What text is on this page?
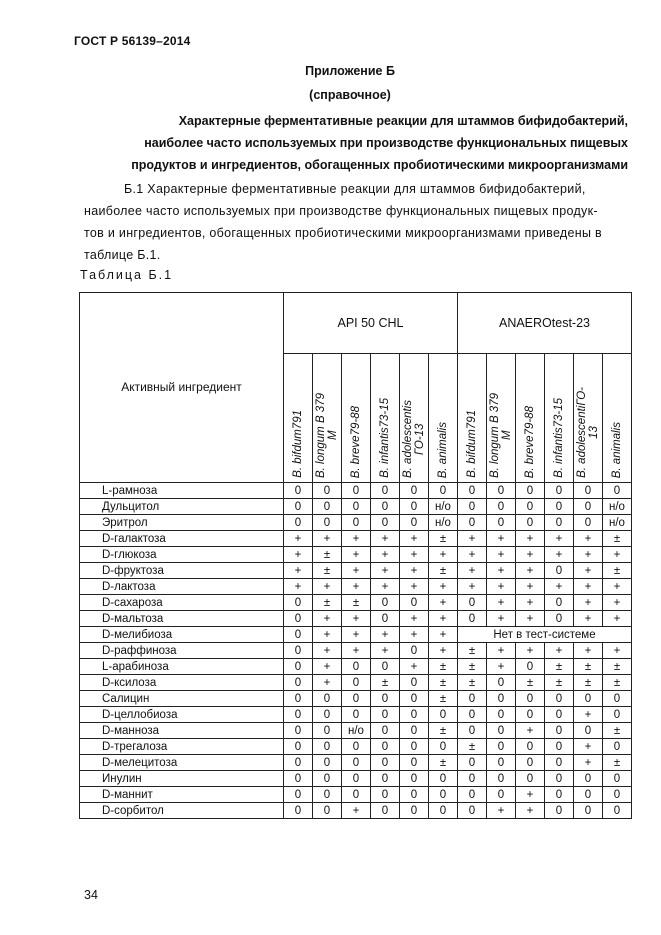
ГОСТ Р 56139–2014
Приложение Б
(справочное)
Характерные ферментативные реакции для штаммов бифидобактерий,
наиболее часто используемых при производстве функциональных пищевых
продуктов и ингредиентов, обогащенных пробиотическими микроорганизмами
Б.1 Характерные ферментативные реакции для штаммов бифидобактерий,
наиболее часто используемых при производстве функциональных пищевых продук-
тов и ингредиентов, обогащенных пробиотическими микроорганизмами приведены в
таблице Б.1.
Таблица Б.1
Активный ингредиент	API 50 CHL						ANAEROtest-23					

	B. bifdum791	B. longum B 379 M	B. breve79-88	B. infantis73-15	B. adolescentis ГО-13	B. animalis	B. bifdum791	B. longum B 379 M	B. breve79-88	B. infantis73-15	B. adolescentiГО- 13	B. animalis

L-рамноза	0	0	0	0	0	0	0	0	0	0	0	0
Дульцитол	0	0	0	0	0	н/о	0	0	0	0	0	н/о
Эритрол	0	0	0	0	0	н/о	0	0	0	0	0	н/о
D-галактоза	+	+	+	+	+	±	+	+	+	+	+	±
D-глюкоза	+	±	+	+	+	+	+	+	+	+	+	+
D-фруктоза	+	±	+	+	+	±	+	+	+	0	+	±
D-лактоза	+	+	+	+	+	+	+	+	+	+	+	+
D-сахароза	0	±	±	0	0	+	0	+	+	0	+	+
D-мальтоза	0	+	+	0	+	+	0	+	+	0	+	+
D-мелибиоза	0	+	+	+	+	+	Нет в тест-системе					
D-раффиноза	0	+	+	+	0	+	±	+	+	+	+	+
L-арабиноза	0	+	0	0	+	±	±	+	0	±	±	±
D-ксилоза	0	+	0	±	0	±	±	0	±	±	±	±
Салицин	0	0	0	0	0	±	0	0	0	0	0	0
D-целлобиоза	0	0	0	0	0	0	0	0	0	0	+	0
D-манноза	0	0	н/о	0	0	±	0	0	+	0	0	±
D-трегалоза	0	0	0	0	0	0	±	0	0	0	+	0
D-мелецитоза	0	0	0	0	0	±	0	0	0	0	+	±
Инулин	0	0	0	0	0	0	0	0	0	0	0	0
D-маннит	0	0	0	0	0	0	0	0	+	0	0	0
D-сорбитол	0	0	+	0	0	0	0	+	+	0	0	0
34
